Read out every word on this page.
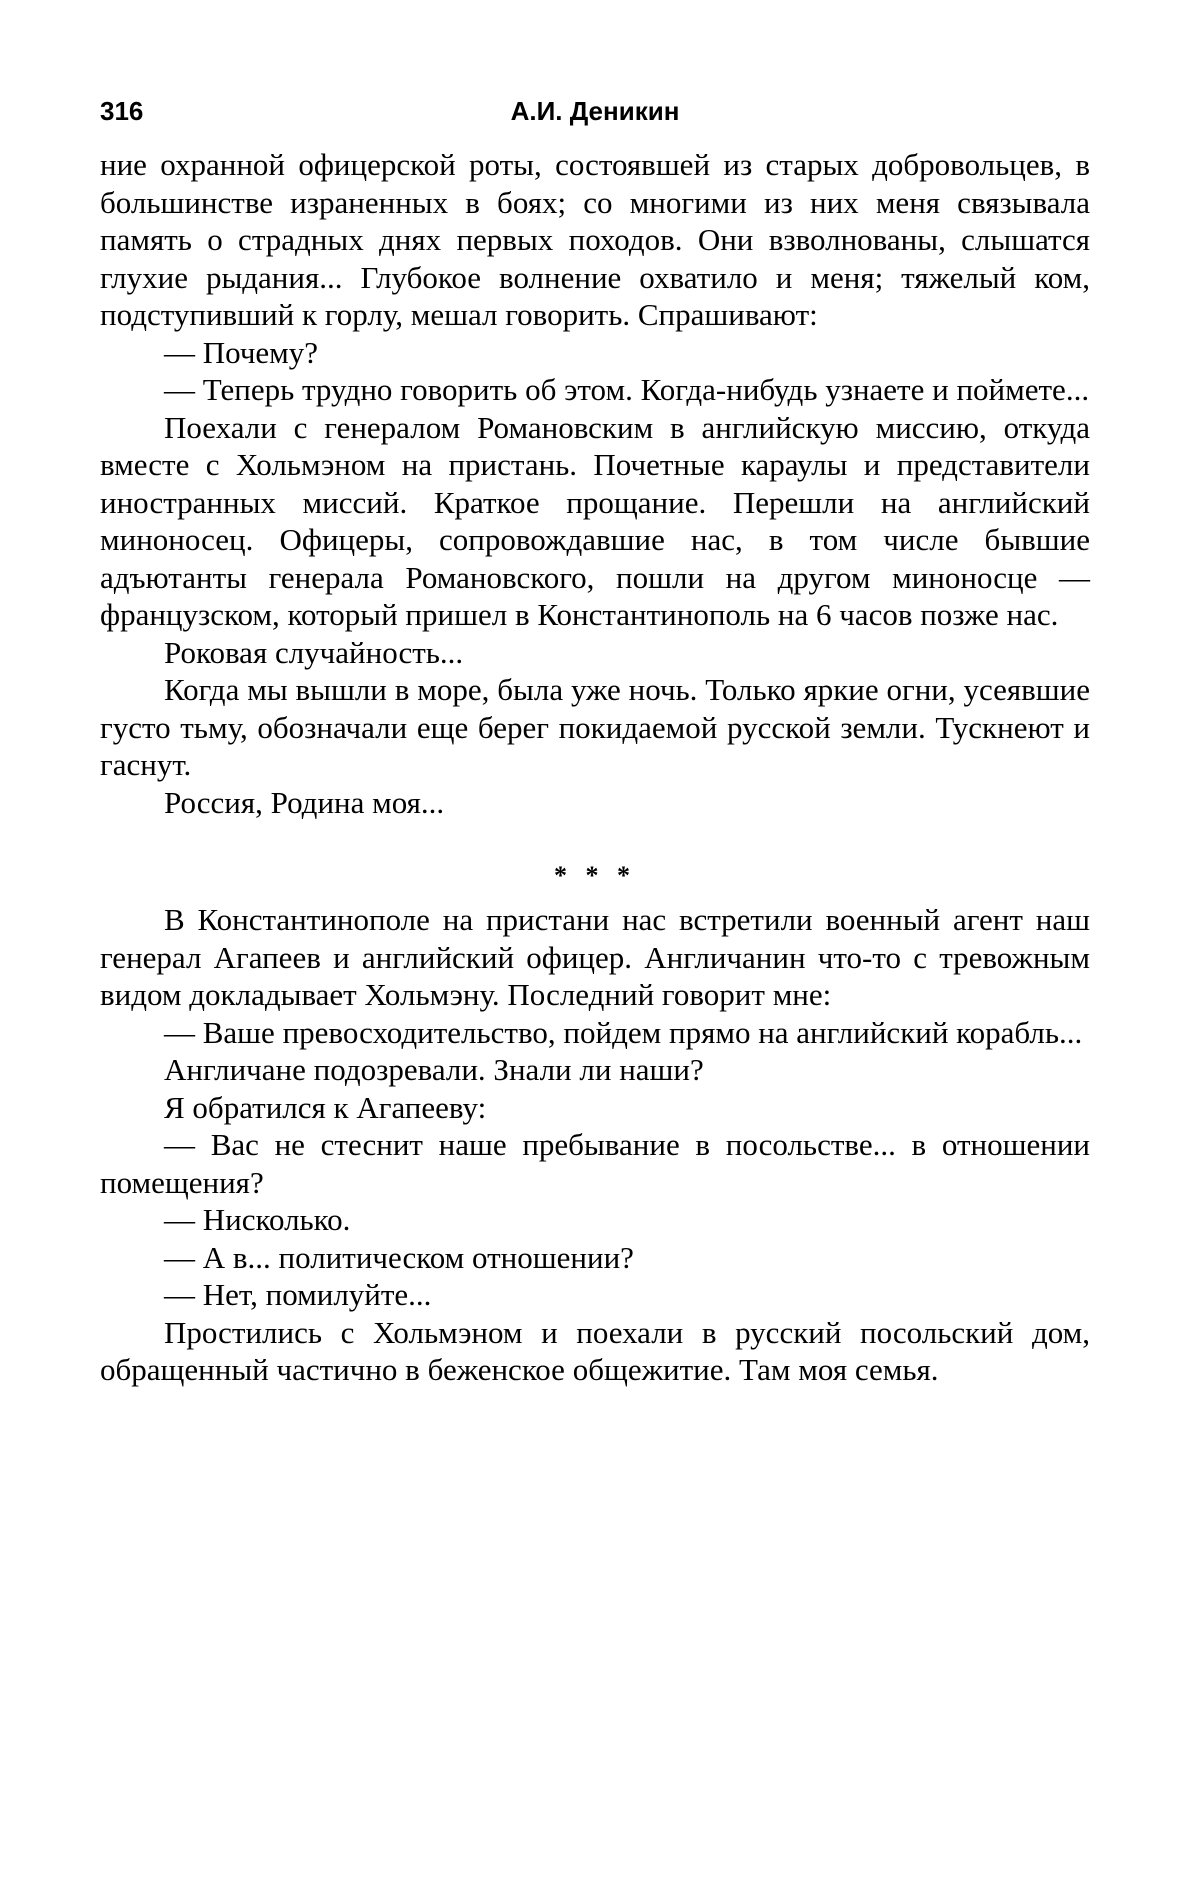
316	А.И. Деникин

ние охранной офицерской роты, состоявшей из старых добровольцев, в большинстве израненных в боях; со многими из них меня связывала память о страдных днях первых походов. Они взволнованы, слышатся глухие рыдания... Глубокое волнение охватило и меня; тяжелый ком, подступивший к горлу, мешал говорить. Спрашивают:

— Почему?

— Теперь трудно говорить об этом. Когда-нибудь узнаете и поймете...

Поехали с генералом Романовским в английскую миссию, откуда вместе с Хольмэном на пристань. Почетные караулы и представители иностранных миссий. Краткое прощание. Перешли на английский миноносец. Офицеры, сопровождавшие нас, в том числе бывшие адъютанты генерала Романовского, пошли на другом миноносце — французском, который пришел в Константинополь на 6 часов позже нас.

Роковая случайность...

Когда мы вышли в море, была уже ночь. Только яркие огни, усеявшие густо тьму, обозначали еще берег покидаемой русской земли. Тускнеют и гаснут.

Россия, Родина моя...

* * *

В Константинополе на пристани нас встретили военный агент наш генерал Агапеев и английский офицер. Англичанин что-то с тревожным видом докладывает Хольмэну. Последний говорит мне:

— Ваше превосходительство, пойдем прямо на английский корабль...

Англичане подозревали. Знали ли наши?

Я обратился к Агапееву:

— Вас не стеснит наше пребывание в посольстве... в отношении помещения?

— Нисколько.

— А в... политическом отношении?

— Нет, помилуйте...

Простились с Хольмэном и поехали в русский посольский дом, обращенный частично в беженское общежитие. Там моя семья.
